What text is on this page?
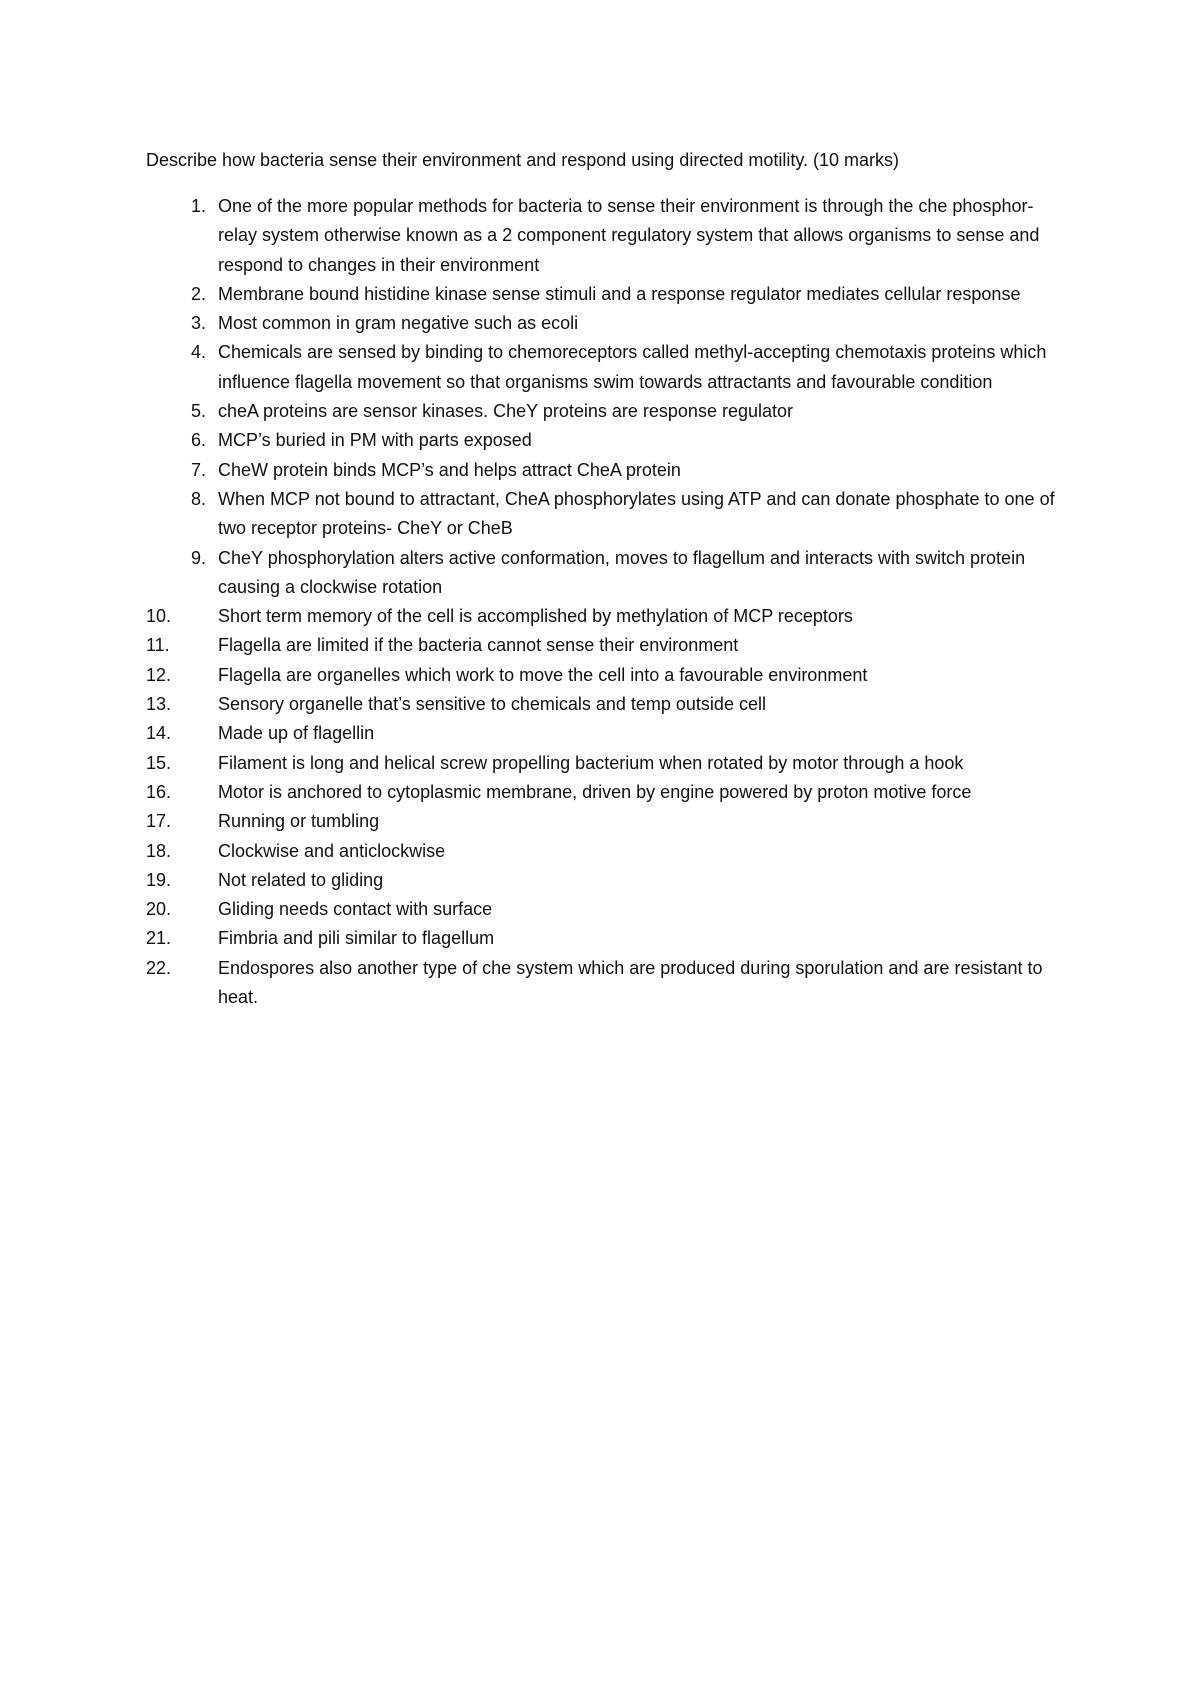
Describe how bacteria sense their environment and respond using directed motility. (10 marks)

1. One of the more popular methods for bacteria to sense their environment is through the che phosphor-relay system otherwise known as a 2 component regulatory system that allows organisms to sense and respond to changes in their environment
2. Membrane bound histidine kinase sense stimuli and a response regulator mediates cellular response
3. Most common in gram negative such as ecoli
4. Chemicals are sensed by binding to chemoreceptors called methyl-accepting chemotaxis proteins which influence flagella movement so that organisms swim towards attractants and favourable condition
5. cheA proteins are sensor kinases. CheY proteins are response regulator
6. MCP’s buried in PM with parts exposed
7. CheW protein binds MCP’s and helps attract CheA protein
8. When MCP not bound to attractant, CheA phosphorylates using ATP and can donate phosphate to one of two receptor proteins- CheY or CheB
9. CheY phosphorylation alters active conformation, moves to flagellum and interacts with switch protein causing a clockwise rotation
10.	Short term memory of the cell is accomplished by methylation of MCP receptors
11.	Flagella are limited if the bacteria cannot sense their environment
12.	Flagella are organelles which work to move the cell into a favourable environment
13.	Sensory organelle that’s sensitive to chemicals and temp outside cell
14.	Made up of flagellin
15.	Filament is long and helical screw propelling bacterium when rotated by motor through a hook
16.	Motor is anchored to cytoplasmic membrane, driven by engine powered by proton motive force
17.	Running or tumbling
18.	Clockwise and anticlockwise
19.	Not related to gliding
20.	Gliding needs contact with surface
21.	Fimbria and pili similar to flagellum
22.	Endospores also another type of che system which are produced during sporulation and are resistant to heat.
